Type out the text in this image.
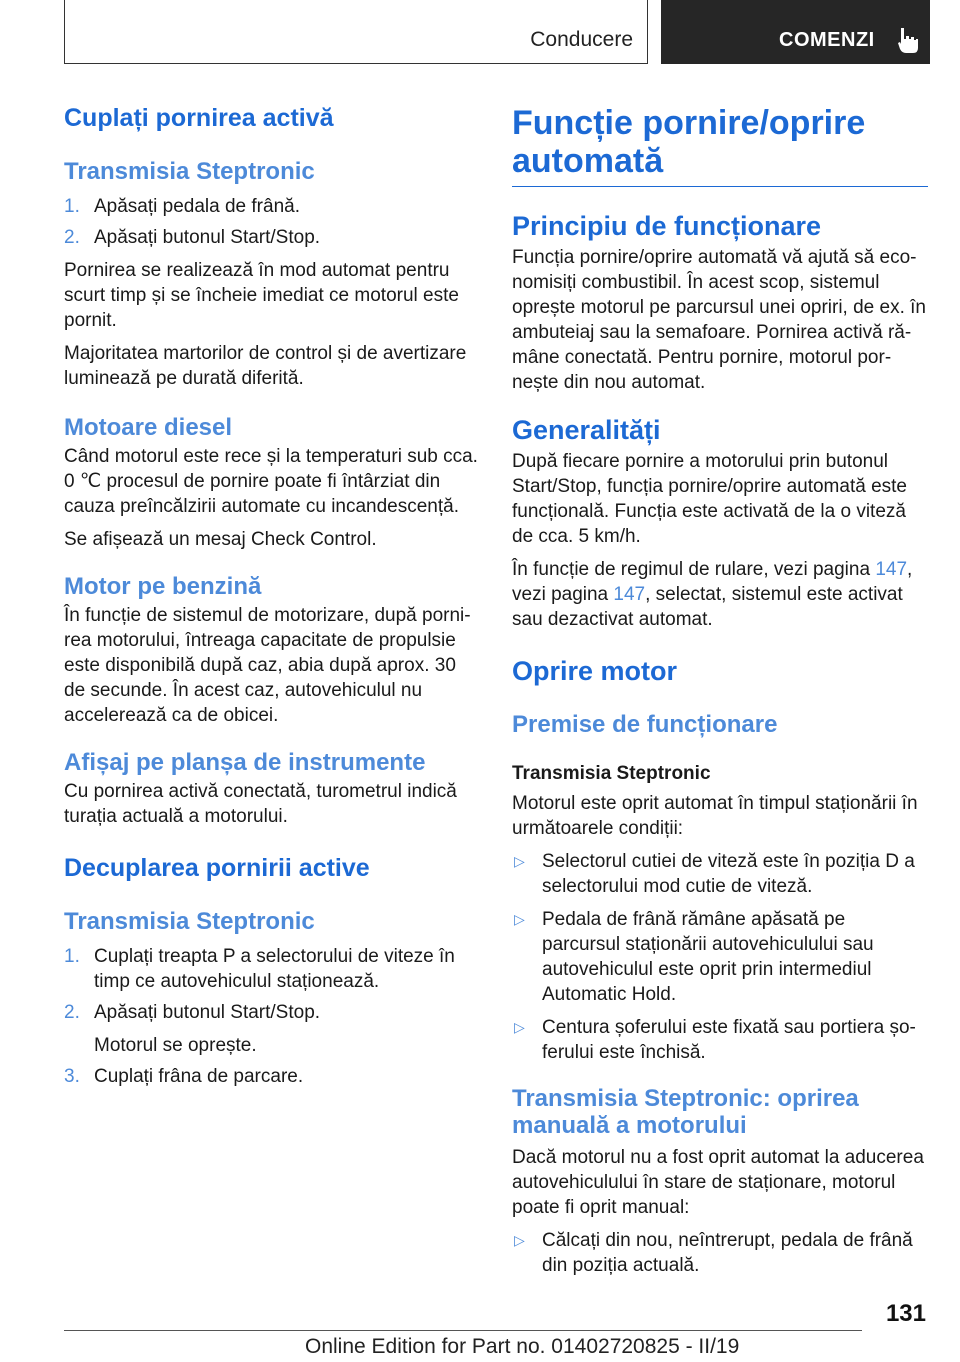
Conducere	COMENZI
Cuplați pornirea activă
Transmisia Steptronic
1. Apăsați pedala de frână.
2. Apăsați butonul Start/Stop.

Pornirea se realizează în mod automat pentru scurt timp și se încheie imediat ce motorul este pornit.

Majoritatea martorilor de control și de avertizare luminează pe durată diferită.

Motoare diesel

Când motorul este rece și la temperaturi sub cca. 0 ℃ procesul de pornire poate fi întârziat din cauza preîncălzirii automate cu incandescență.

Se afișează un mesaj Check Control.

Motor pe benzină

În funcție de sistemul de motorizare, după pornirea motorului, întreaga capacitate de propulsie este disponibilă după caz, abia după aprox. 30 de secunde. În acest caz, autovehiculul nu accelerează ca de obicei.

Afișaj pe planșa de instrumente

Cu pornirea activă conectată, turometrul indică turația actuală a motorului.

Decuplarea pornirii active
Transmisia Steptronic
1. Cuplați treapta P a selectorului de viteze în timp ce autovehiculul staționează.
2. Apăsați butonul Start/Stop.
Motorul se oprește.
3. Cuplați frâna de parcare.
Funcție pornire/oprire automată
Principiu de funcționare

Funcția pornire/oprire automată vă ajută să economisiți combustibil. În acest scop, sistemul oprește motorul pe parcursul unei opriri, de ex. în ambuteiaj sau la semafoare. Pornirea activă rămâne conectată. Pentru pornire, motorul pornește din nou automat.

Generalități

După fiecare pornire a motorului prin butonul Start/Stop, funcția pornire/oprire automată este funcțională. Funcția este activată de la o viteză de cca. 5 km/h.

În funcție de regimul de rulare, vezi pagina 147, vezi pagina 147, selectat, sistemul este activat sau dezactivat automat.

Oprire motor
Premise de funcționare
Transmisia Steptronic

Motorul este oprit automat în timpul staționării în următoarele condiții:

▷ Selectorul cutiei de viteză este în poziția D a selectorului mod cutie de viteză.
▷ Pedala de frână rămâne apăsată pe parcursul staționării autovehiculului sau autovehiculul este oprit prin intermediul Automatic Hold.
▷ Centura șoferului este fixată sau portiera șoferului este închisă.
Transmisia Steptronic: oprirea manuală a motorului

Dacă motorul nu a fost oprit automat la aducerea autovehiculului în stare de staționare, motorul poate fi oprit manual:

▷ Călcați din nou, neîntrerupt, pedala de frână din poziția actuală.
131
Online Edition for Part no. 01402720825 - II/19
